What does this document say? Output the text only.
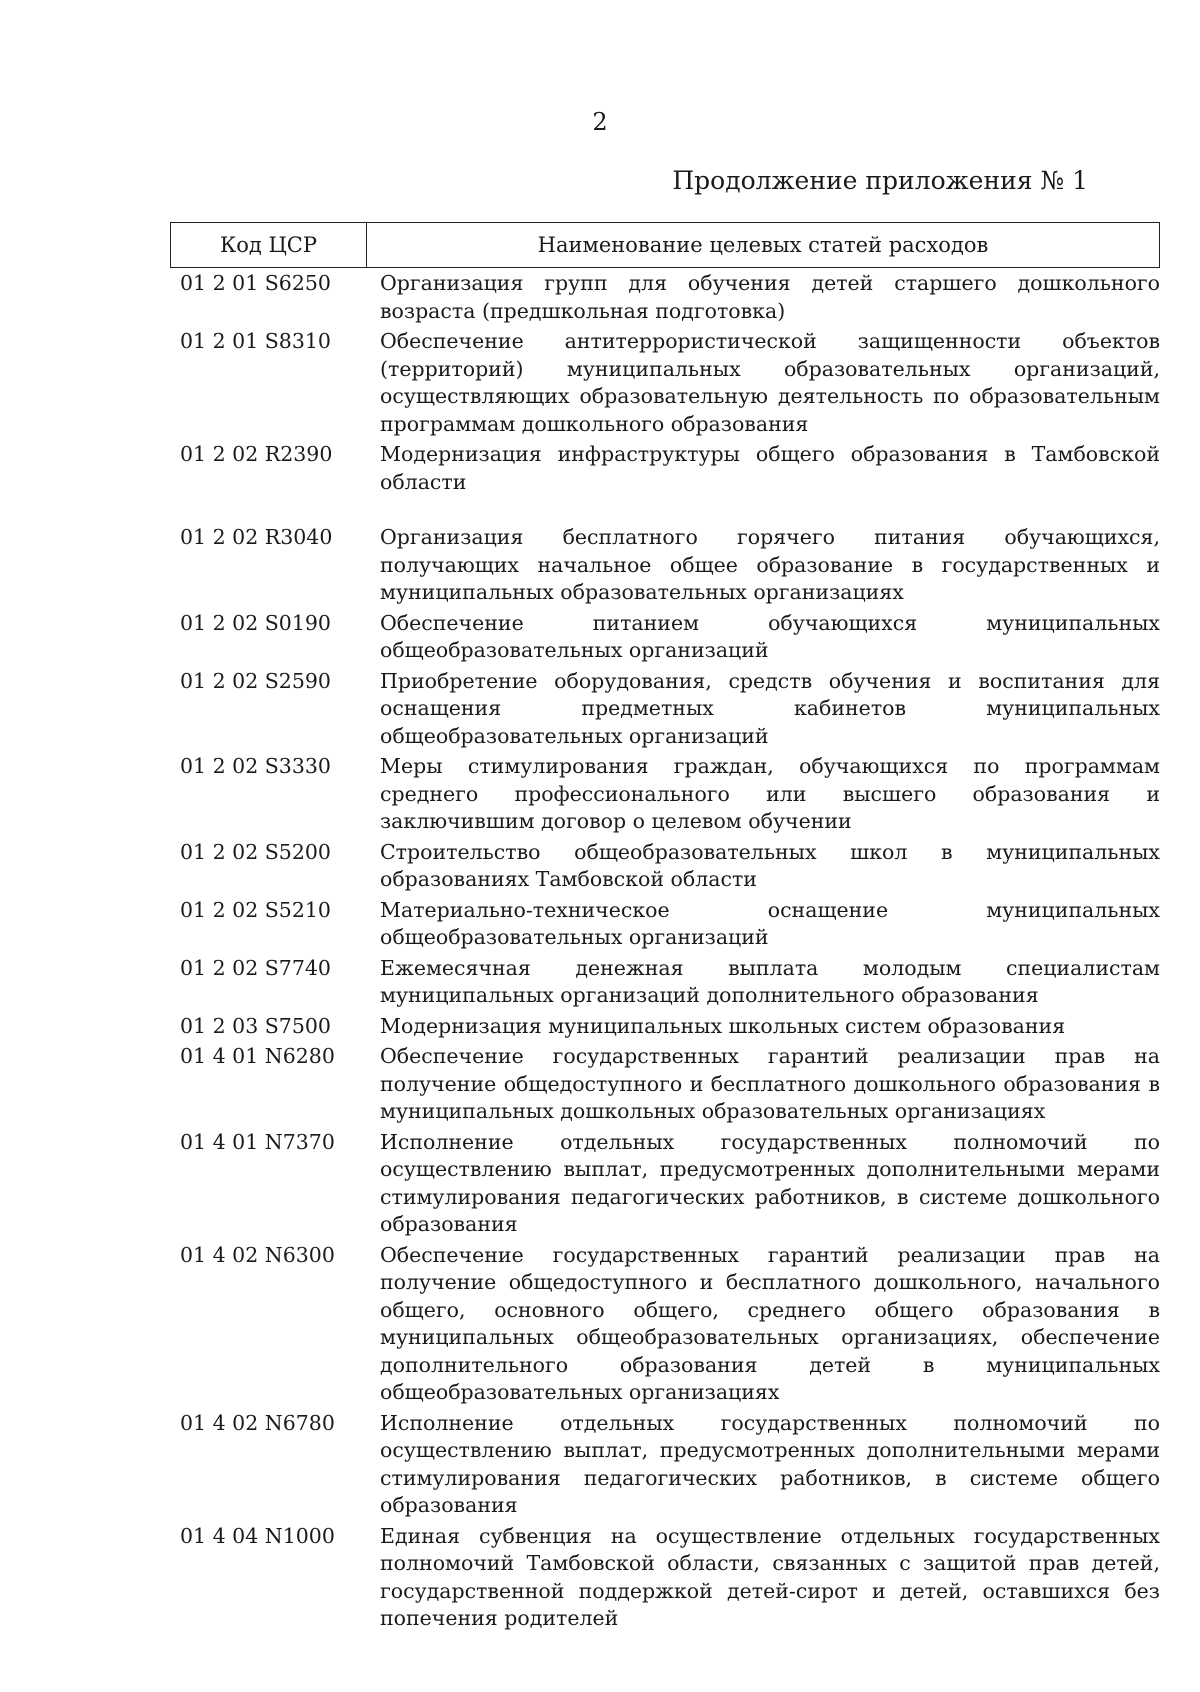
2
Продолжение приложения № 1
Код ЦСР	Наименование целевых статей расходов
01 2 01 S6250	Организация групп для обучения детей старшего дошкольного возраста (предшкольная подготовка)
01 2 01 S8310	Обеспечение антитеррористической защищенности объектов (территорий) муниципальных образовательных организаций, осуществляющих образовательную деятельность по образовательным программам дошкольного образования
01 2 02 R2390	Модернизация инфраструктуры общего образования в Тамбовской области
01 2 02 R3040	Организация бесплатного горячего питания обучающихся, получающих начальное общее образование в государственных и муниципальных образовательных организациях
01 2 02 S0190	Обеспечение питанием обучающихся муниципальных общеобразовательных организаций
01 2 02 S2590	Приобретение оборудования, средств обучения и воспитания для оснащения предметных кабинетов муниципальных общеобразовательных организаций
01 2 02 S3330	Меры стимулирования граждан, обучающихся по программам среднего профессионального или высшего образования и заключившим договор о целевом обучении
01 2 02 S5200	Строительство общеобразовательных школ в муниципальных образованиях Тамбовской области
01 2 02 S5210	Материально-техническое оснащение муниципальных общеобразовательных организаций
01 2 02 S7740	Ежемесячная денежная выплата молодым специалистам муниципальных организаций дополнительного образования
01 2 03 S7500	Модернизация муниципальных школьных систем образования
01 4 01 N6280	Обеспечение государственных гарантий реализации прав на получение общедоступного и бесплатного дошкольного образования в муниципальных дошкольных образовательных организациях
01 4 01 N7370	Исполнение отдельных государственных полномочий по осуществлению выплат, предусмотренных дополнительными мерами стимулирования педагогических работников, в системе дошкольного образования
01 4 02 N6300	Обеспечение государственных гарантий реализации прав на получение общедоступного и бесплатного дошкольного, начального общего, основного общего, среднего общего образования в муниципальных общеобразовательных организациях, обеспечение дополнительного образования детей в муниципальных общеобразовательных организациях
01 4 02 N6780	Исполнение отдельных государственных полномочий по осуществлению выплат, предусмотренных дополнительными мерами стимулирования педагогических работников, в системе общего образования
01 4 04 N1000	Единая субвенция на осуществление отдельных государственных полномочий Тамбовской области, связанных с защитой прав детей, государственной поддержкой детей-сирот и детей, оставшихся без попечения родителей
